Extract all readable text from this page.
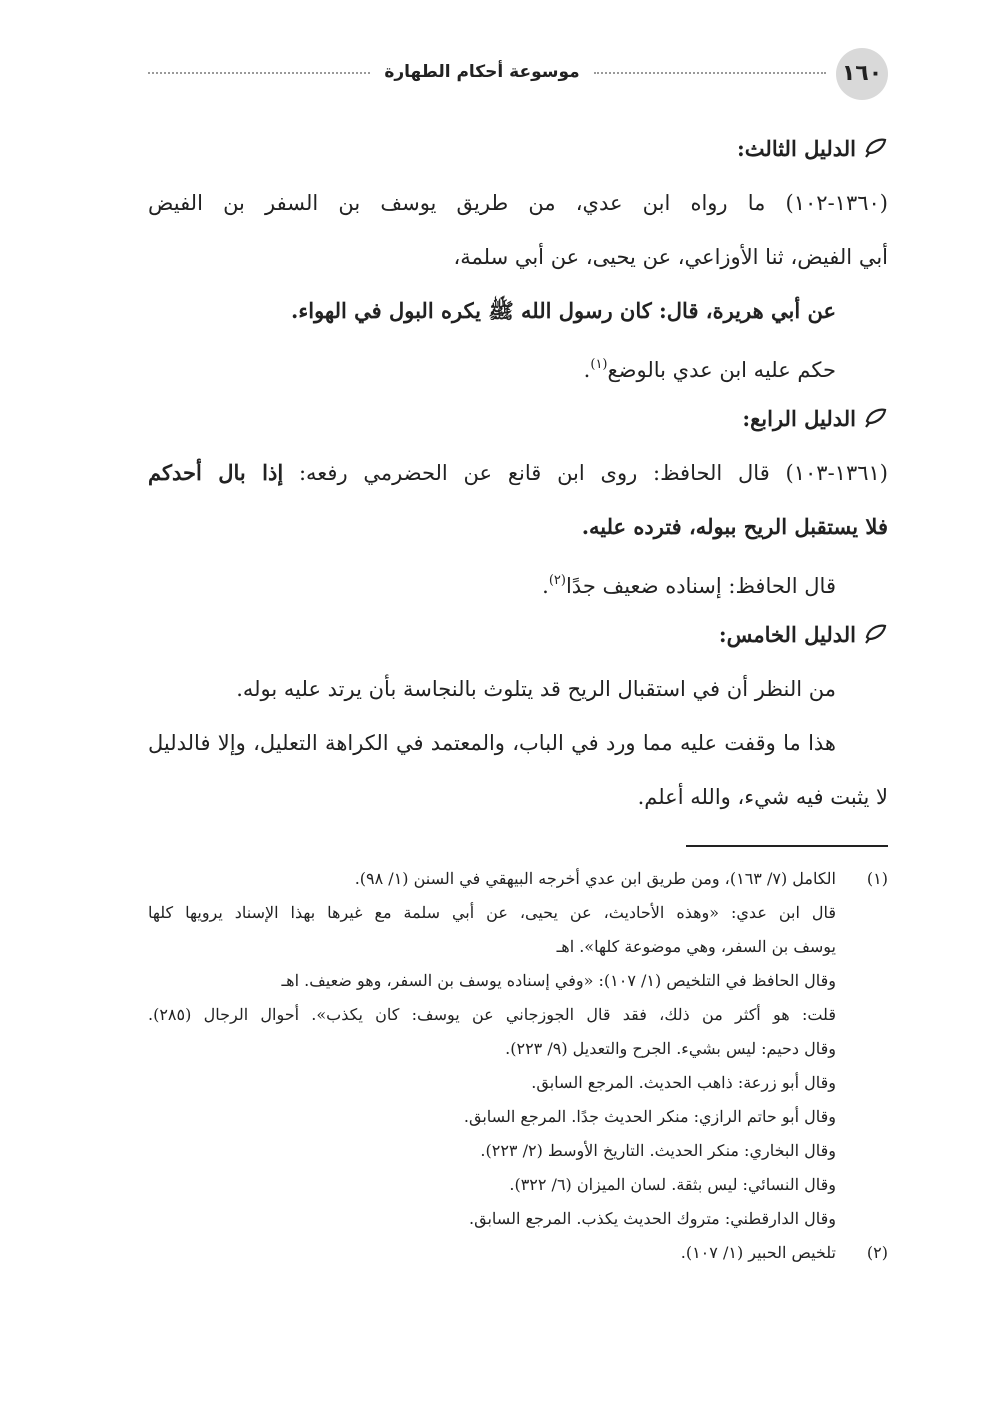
١٦٠
موسوعة أحكام الطهارة
الدليل الثالث:
(١٣٦٠-١٠٢) ما رواه ابن عدي، من طريق يوسف بن السفر بن الفيض
أبي الفيض، ثنا الأوزاعي، عن يحيى، عن أبي سلمة،
عن أبي هريرة، قال: كان رسول الله ﷺ يكره البول في الهواء.
حكم عليه ابن عدي بالوضع$^{(١)}$.
الدليل الرابع:
(١٣٦١-١٠٣) قال الحافظ: روى ابن قانع عن الحضرمي رفعه: إذا بال أحدكم
فلا يستقبل الريح ببوله، فترده عليه.
قال الحافظ: إسناده ضعيف جدًا$^{(٢)}$.
الدليل الخامس:
من النظر أن في استقبال الريح قد يتلوث بالنجاسة بأن يرتد عليه بوله.
هذا ما وقفت عليه مما ورد في الباب، والمعتمد في الكراهة التعليل، وإلا فالدليل
لا يثبت فيه شيء، والله أعلم.
(١)
الكامل (٧/ ١٦٣)، ومن طريق ابن عدي أخرجه البيهقي في السنن (١/ ٩٨).
قال ابن عدي: «وهذه الأحاديث، عن يحيى، عن أبي سلمة مع غيرها بهذا الإسناد يرويها كلها
يوسف بن السفر، وهي موضوعة كلها». اهـ
وقال الحافظ في التلخيص (١/ ١٠٧): «وفي إسناده يوسف بن السفر، وهو ضعيف. اهـ
قلت: هو أكثر من ذلك، فقد قال الجوزجاني عن يوسف: كان يكذب». أحوال الرجال (٢٨٥).
وقال دحيم: ليس بشيء. الجرح والتعديل (٩/ ٢٢٣).
وقال أبو زرعة: ذاهب الحديث. المرجع السابق.
وقال أبو حاتم الرازي: منكر الحديث جدًا. المرجع السابق.
وقال البخاري: منكر الحديث. التاريخ الأوسط (٢/ ٢٢٣).
وقال النسائي: ليس بثقة. لسان الميزان (٦/ ٣٢٢).
وقال الدارقطني: متروك الحديث يكذب. المرجع السابق.
(٢)
تلخيص الحبير (١/ ١٠٧).
